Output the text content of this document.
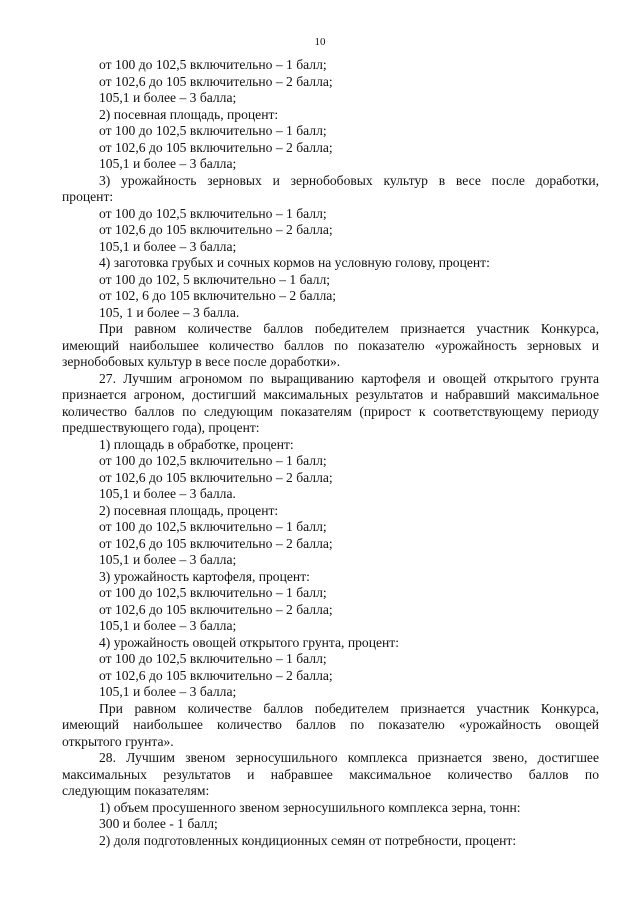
10

от 100 до 102,5 включительно – 1 балл;

от 102,6 до 105 включительно – 2 балла;

105,1 и более – 3 балла;

2) посевная площадь, процент:

от 100 до 102,5 включительно – 1 балл;

от 102,6 до 105 включительно – 2 балла;

105,1 и более – 3 балла;

3) урожайность зерновых и зернобобовых культур в весе после доработки,

процент:

от 100 до 102,5 включительно – 1 балл;

от 102,6 до 105 включительно – 2 балла;

105,1 и более – 3 балла;

4) заготовка грубых и сочных кормов на условную голову, процент:

от 100 до 102, 5 включительно – 1 балл;

от 102, 6 до 105 включительно – 2 балла;

105, 1 и более – 3 балла.

При равном количестве баллов победителем признается участник Конкурса,

имеющий наибольшее количество баллов по показателю «урожайность зерновых и

зернобобовых культур в весе после доработки».

27. Лучшим агрономом по выращиванию картофеля и овощей открытого грунта

признается агроном, достигший максимальных результатов и набравший максимальное

количество баллов по следующим показателям (прирост к соответствующему периоду

предшествующего года), процент:

1) площадь в обработке, процент:

от 100 до 102,5 включительно – 1 балл;

от 102,6 до 105 включительно – 2 балла;

105,1 и более – 3 балла.

2) посевная площадь, процент:

от 100 до 102,5 включительно – 1 балл;

от 102,6 до 105 включительно – 2 балла;

105,1 и более – 3 балла;

3) урожайность картофеля, процент:

от 100 до 102,5 включительно – 1 балл;

от 102,6 до 105 включительно – 2 балла;

105,1 и более – 3 балла;

4) урожайность овощей открытого грунта, процент:

от 100 до 102,5 включительно – 1 балл;

от 102,6 до 105 включительно – 2 балла;

105,1 и более – 3 балла;

При равном количестве баллов победителем признается участник Конкурса,

имеющий наибольшее количество баллов по показателю «урожайность овощей

открытого грунта».

28. Лучшим звеном зерносушильного комплекса признается звено, достигшее

максимальных результатов и набравшее максимальное количество баллов по

следующим показателям:

1) объем просушенного звеном зерносушильного комплекса зерна, тонн:

300 и более - 1 балл;

2) доля подготовленных кондиционных семян от потребности, процент:
